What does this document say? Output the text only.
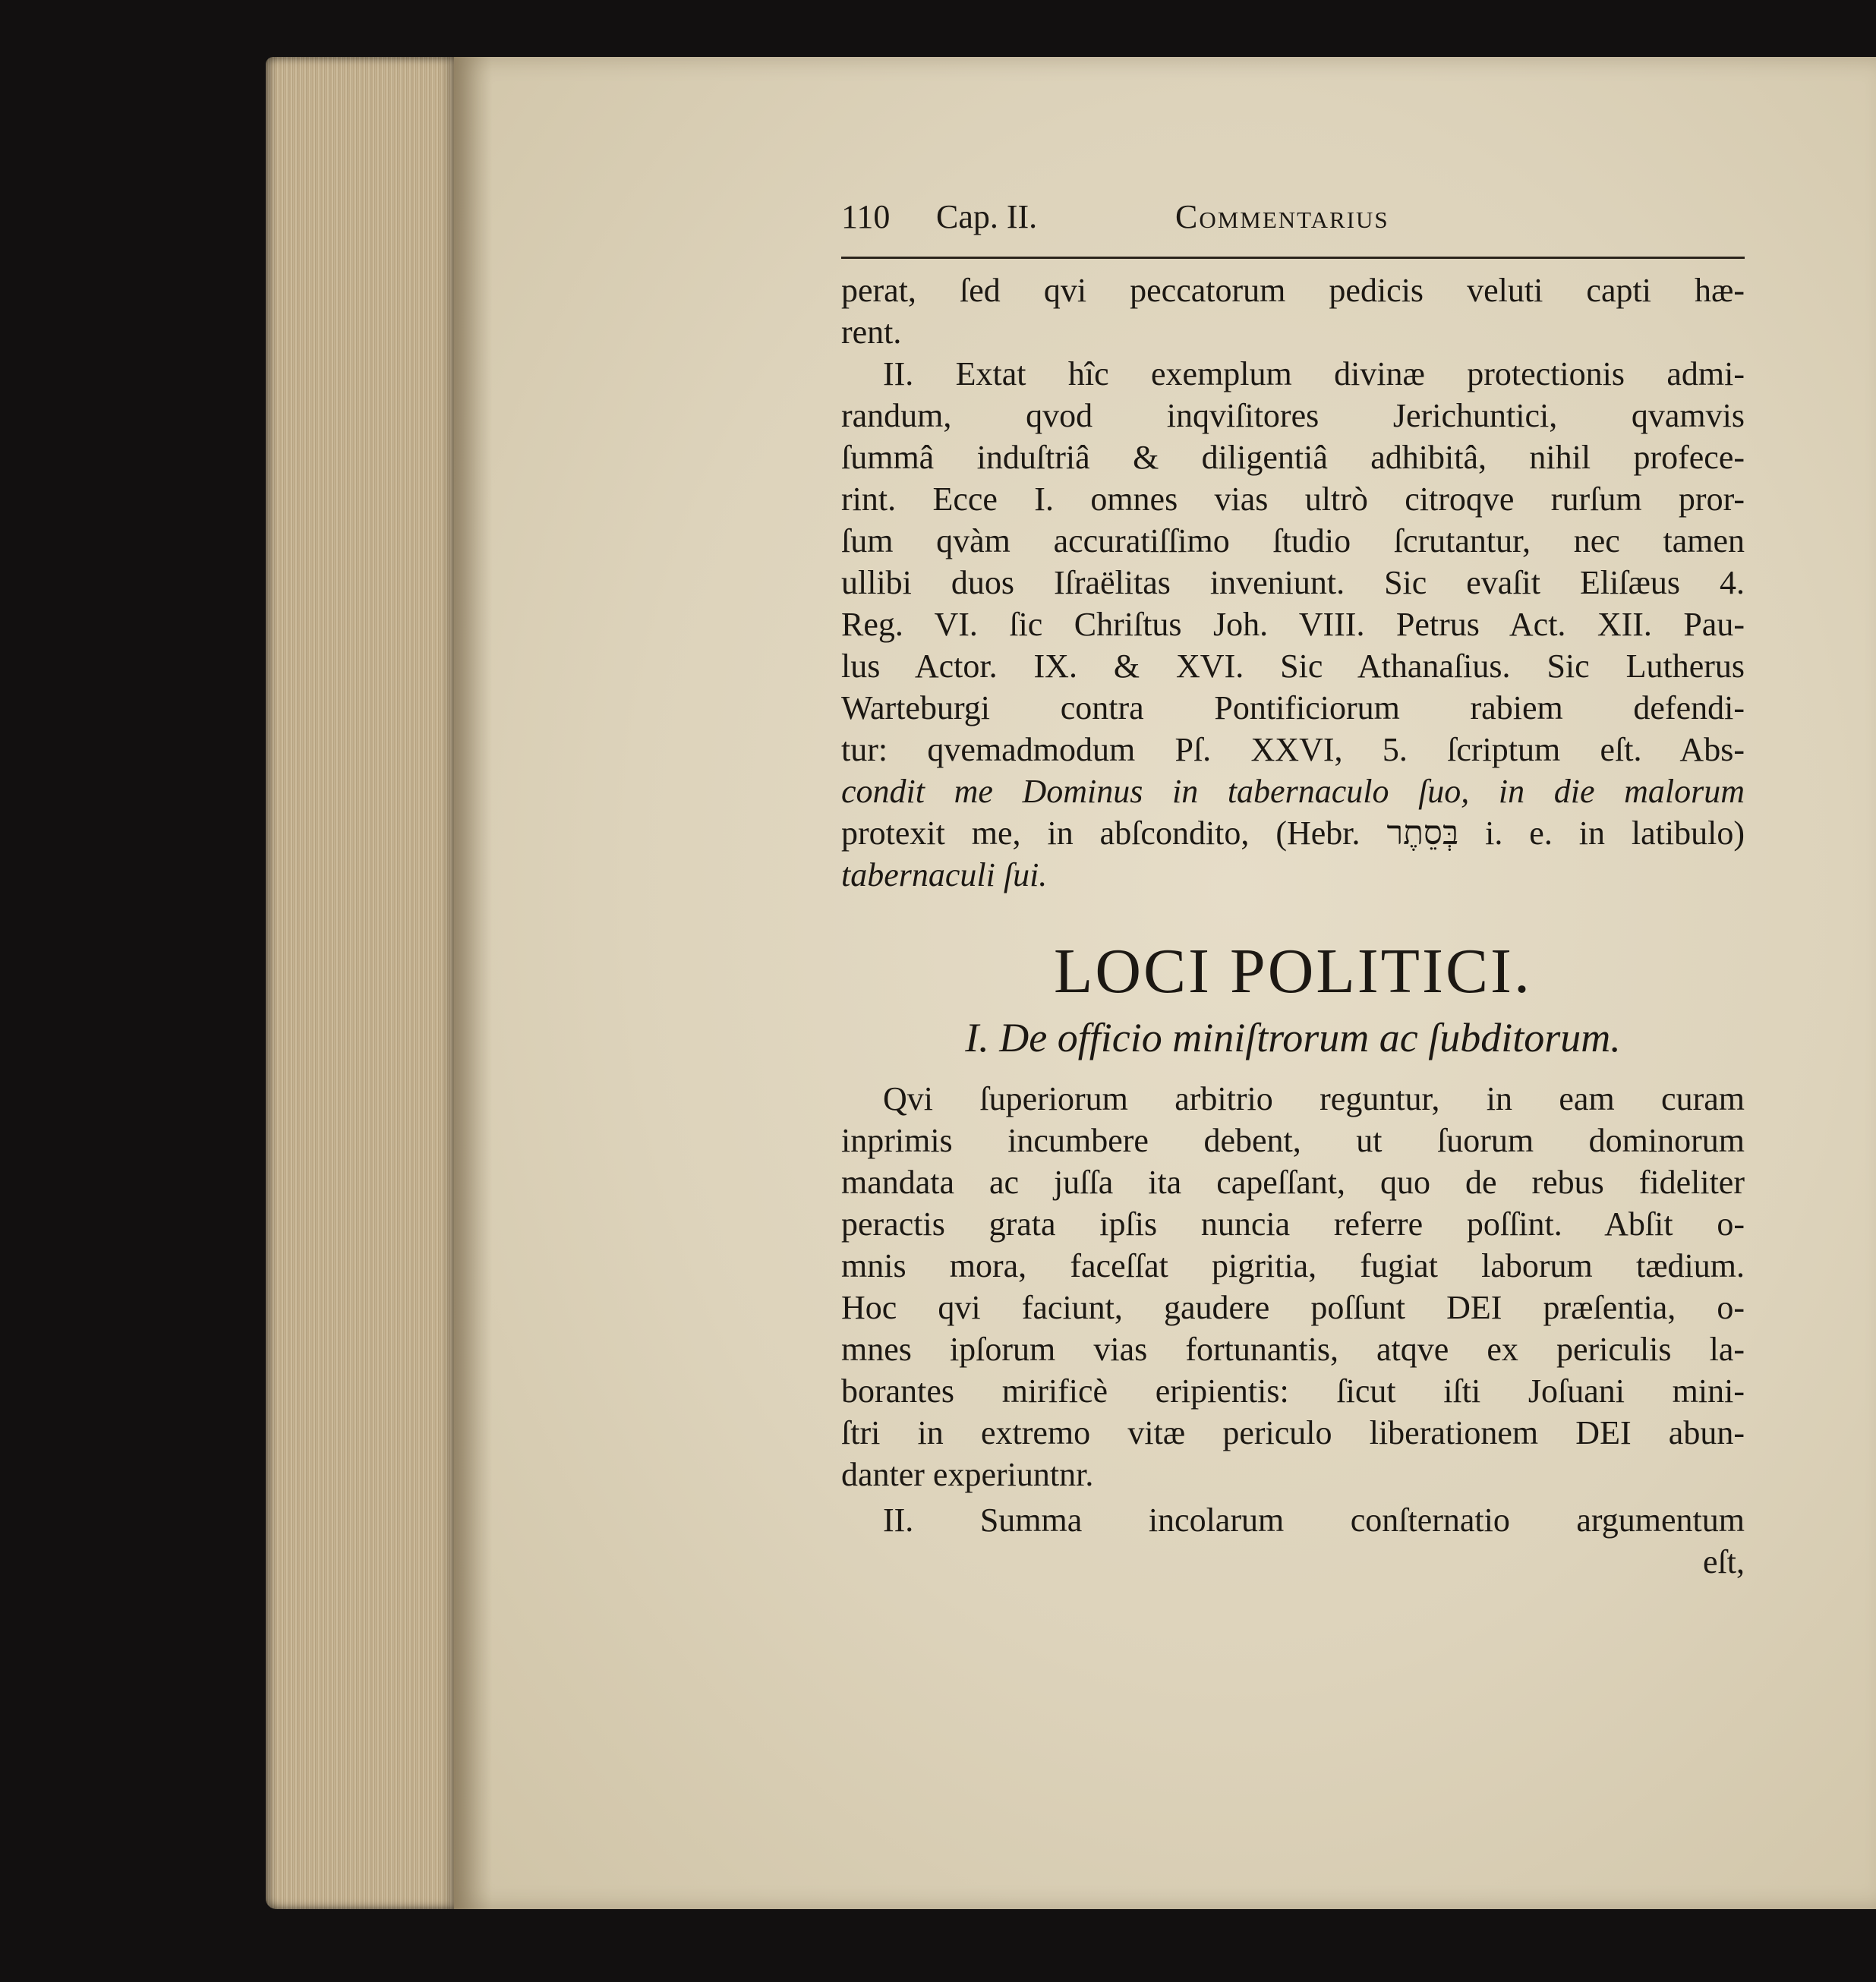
110 Cap. II.	Commentarius
perat, ſed qvi peccatorum pedicis veluti capti hæ-
rent.
II. Extat hîc exemplum divinæ protectionis admi-
randum, qvod inqviſitores Jerichuntici, qvamvis
ſummâ induſtriâ & diligentiâ adhibitâ, nihil profece-
rint. Ecce I. omnes vias ultrò citroqve rurſum pror-
ſum qvàm accuratiſſimo ſtudio ſcrutantur, nec tamen
ullibi duos Iſraëlitas inveniunt. Sic evaſit Eliſæus 4.
Reg. VI. ſic Chriſtus Joh. VIII. Petrus Act. XII. Pau-
lus Actor. IX. & XVI. Sic Athanaſius. Sic Lutherus
Warteburgi contra Pontificiorum rabiem defendi-
tur: qvemadmodum Pſ. XXVI, 5. ſcriptum eſt. Abs-
condit me Dominus in tabernaculo ſuo, in die malorum
protexit me, in abſcondito, (Hebr. בְּסֵתֶר i. e. in latibulo)
tabernaculi ſui.
LOCI POLITICI.
I. De officio miniſtrorum ac ſubditorum.
Qvi ſuperiorum arbitrio reguntur, in eam curam
inprimis incumbere debent, ut ſuorum dominorum
mandata ac juſſa ita capeſſant, quo de rebus fideliter
peractis grata ipſis nuncia referre poſſint. Abſit o-
mnis mora, faceſſat pigritia, fugiat laborum tædium.
Hoc qvi faciunt, gaudere poſſunt DEI præſentia, o-
mnes ipſorum vias fortunantis, atqve ex periculis la-
borantes mirificè eripientis: ſicut iſti Joſuani mini-
ſtri in extremo vitæ periculo liberationem DEI abun-
danter experiuntnr.
II. Summa incolarum conſternatio argumentum
eſt,
